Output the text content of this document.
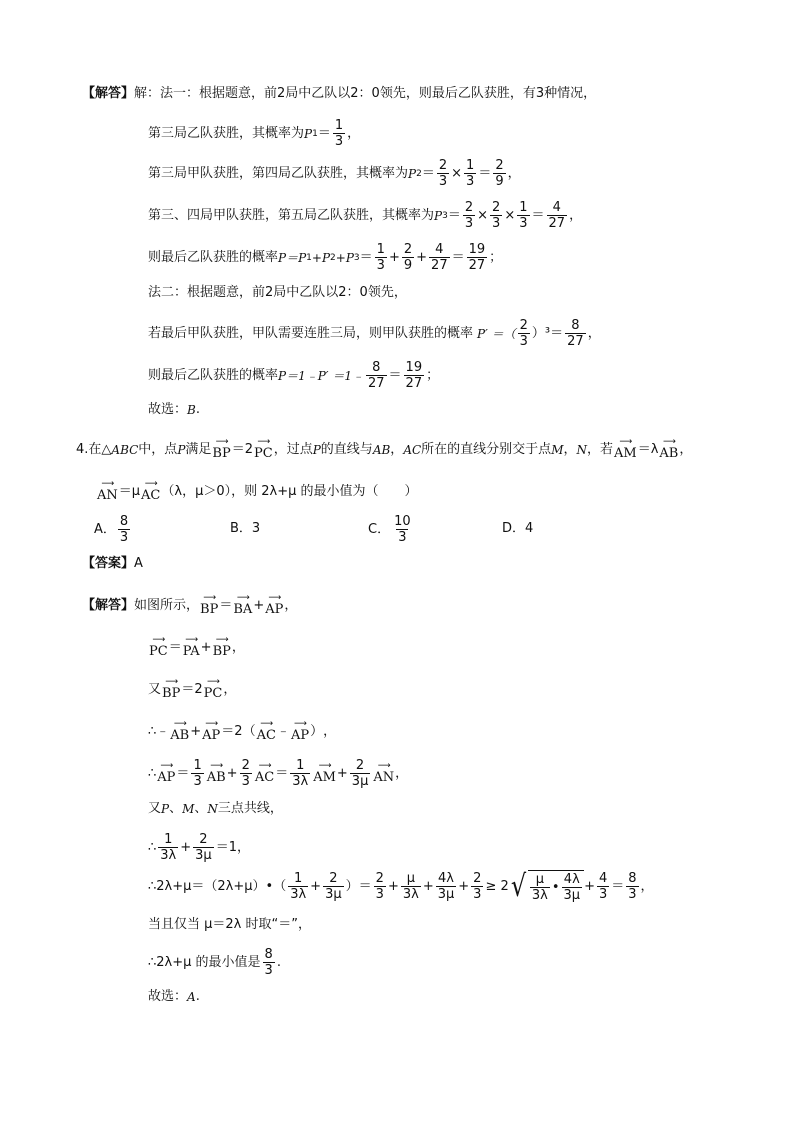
【解答】 解：法一：根据题意，前2局中乙队以2：0领先，则最后乙队获胜，有3种情况，
第三局乙队获胜，其概率为 P $1 = \frac{1}{3}$ ，
第三局甲队获胜，第四局乙队获胜，其概率为 P $2 = \frac{2}{3} \times \frac{1}{3} = \frac{2}{9}$ ，
第三、四局甲队获胜，第五局乙队获胜，其概率为 P $3 = \frac{2}{3} \times \frac{2}{3} \times \frac{1}{3} = \frac{4}{27}$ ，
则最后乙队获胜的概率 P＝P 1 + P 2 + P $3 = \frac{1}{3} + \frac{2}{9} + \frac{4}{27} = \frac{19}{27}$ ；
法二：根据题意，前2局中乙队以2：0领先，
若最后甲队获胜，甲队需要连胜三局，则甲队获胜的概率 P′ ＝（ $\frac{2}{3} )^3= \frac{8}{27}$ ，
则最后乙队获胜的概率 P＝1﹣P′ ＝1﹣ $\frac{8}{27} = \frac{19}{27}$ ；
故选： B .
4.在△ ABC 中，点 P 满足 ⟶
BP ＝2 ⟶
PC ，过点 P 的直线与 AB ， AC 所在的直线分别交于点 M ， N ，若 ⟶
AM ＝λ ⟶
AB ，
⟶
AN ＝μ ⟶
AC （λ，μ＞0），则 2λ+μ 的最小值为（　　）
A． $\frac{8}{3}$	B．3	C． $\frac{10}{3}$	D．4
【答案】 A
【解答】 如图所示， ⟶
BP ＝ ⟶
BA + ⟶
AP ，
⟶
PC ＝ ⟶
PA + ⟶
BP ，
又 ⟶
BP ＝2 ⟶
PC ，
∴ ﹣ ⟶
AB + ⟶
AP ＝2（ ⟶
AC ﹣ ⟶
AP ） ，
∴ ⟶
AP ＝ $\frac{1}{3}$ ⟶
AB + $\frac{2}{3}$ ⟶
AC ＝ $\frac{1}{3\lambda}$ ⟶
AM + $\frac{2}{3\mu}$ ⟶
AN ，
又 P 、 M 、 N 三点共线，
∴ $\frac{1}{3\lambda} + \frac{2}{3\mu} =1$，
∴2λ+μ＝（2λ+μ）•（ $\frac{1}{3\lambda} + \frac{2}{3\mu}$ ） ＝ $\frac{2}{3} + \frac{\mu}{3\lambda} + \frac{4\lambda}{3\mu} + \frac{2}{3} \ge 2$ √ $\frac{\mu}{3\lambda}$ • $\frac{4\lambda}{3\mu} + \frac{4}{3} = \frac{8}{3}$ ，
当且仅当 μ＝2λ 时取“＝”，
∴2λ+μ 的最小值是 $\frac{8}{3}$ .
故选： A .
